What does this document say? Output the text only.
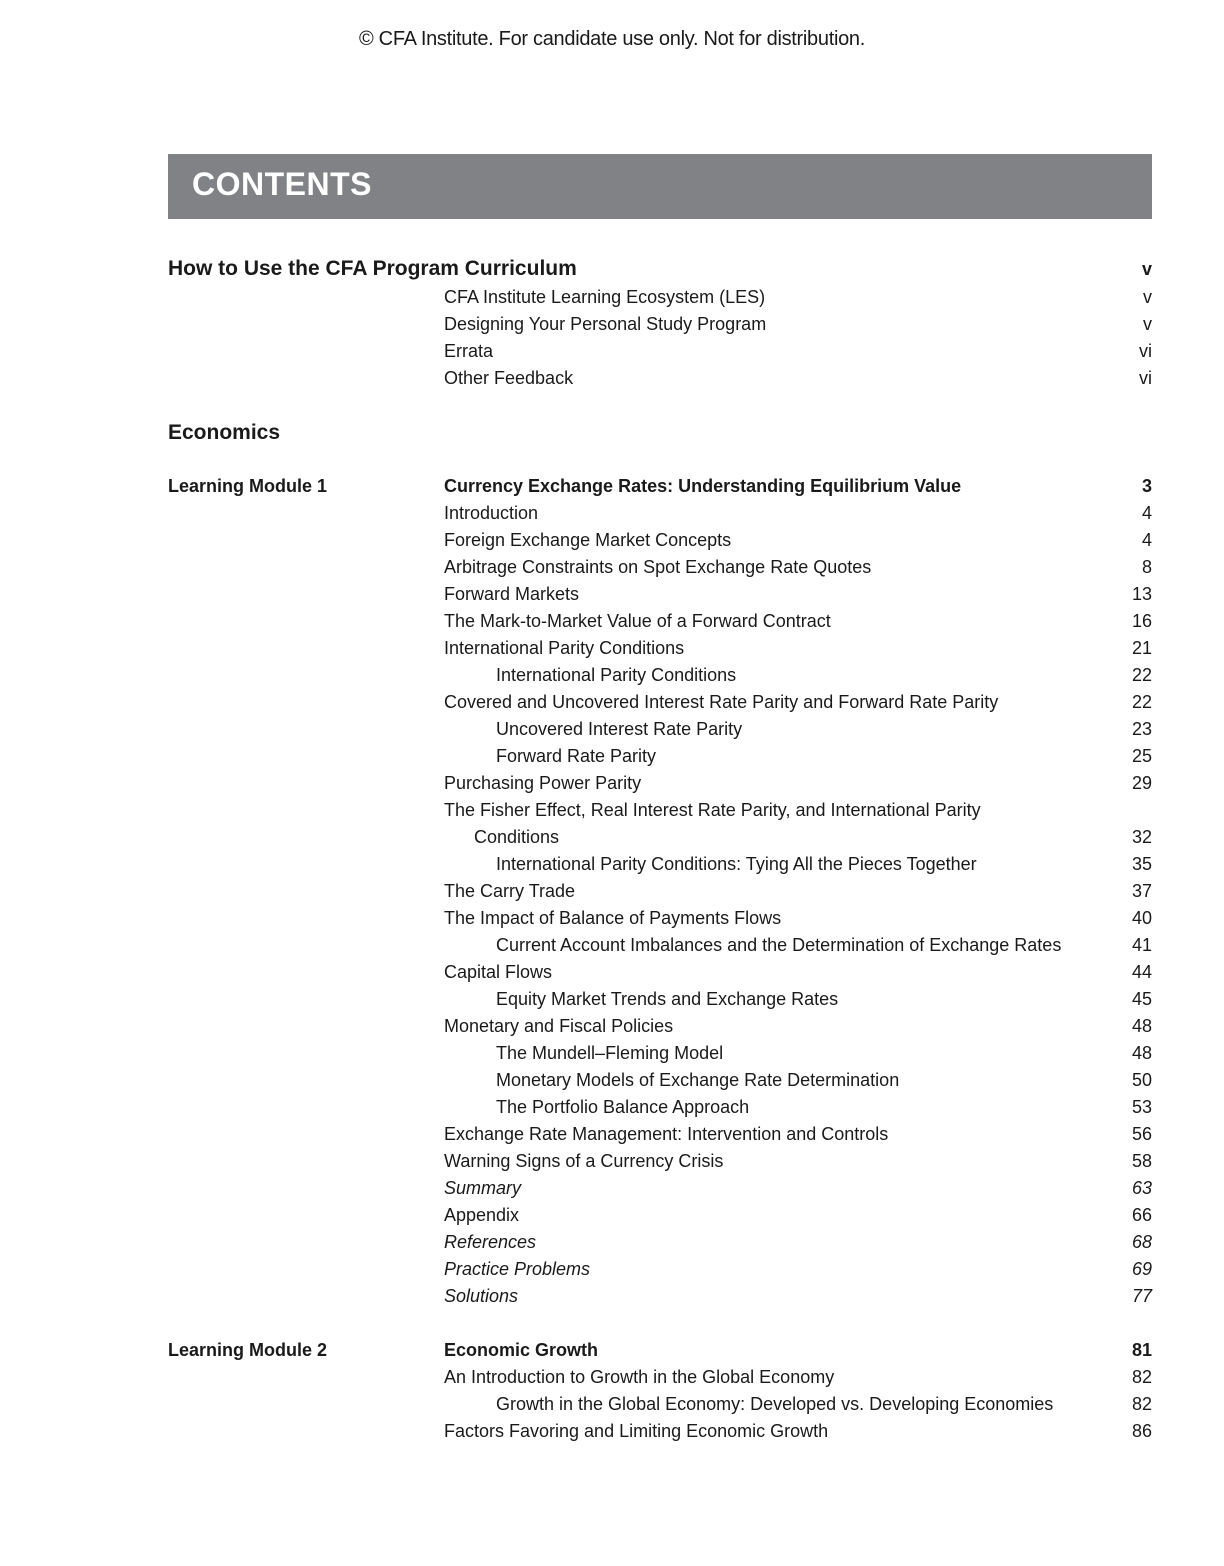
© CFA Institute. For candidate use only. Not for distribution.
CONTENTS
How to Use the CFA Program Curriculum	v
CFA Institute Learning Ecosystem (LES)	v
Designing Your Personal Study Program	v
Errata	vi
Other Feedback	vi
Economics
Learning Module 1	Currency Exchange Rates: Understanding Equilibrium Value	3
Introduction	4
Foreign Exchange Market Concepts	4
Arbitrage Constraints on Spot Exchange Rate Quotes	8
Forward Markets	13
The Mark-to-Market Value of a Forward Contract	16
International Parity Conditions	21
International Parity Conditions	22
Covered and Uncovered Interest Rate Parity and Forward Rate Parity	22
Uncovered Interest Rate Parity	23
Forward Rate Parity	25
Purchasing Power Parity	29
The Fisher Effect, Real Interest Rate Parity, and International Parity
Conditions	32
International Parity Conditions: Tying All the Pieces Together	35
The Carry Trade	37
The Impact of Balance of Payments Flows	40
Current Account Imbalances and the Determination of Exchange Rates	41
Capital Flows	44
Equity Market Trends and Exchange Rates	45
Monetary and Fiscal Policies	48
The Mundell–Fleming Model	48
Monetary Models of Exchange Rate Determination	50
The Portfolio Balance Approach	53
Exchange Rate Management: Intervention and Controls	56
Warning Signs of a Currency Crisis	58
Summary	63
Appendix	66
References	68
Practice Problems	69
Solutions	77
Learning Module 2	Economic Growth	81
An Introduction to Growth in the Global Economy	82
Growth in the Global Economy: Developed vs. Developing Economies	82
Factors Favoring and Limiting Economic Growth	86
